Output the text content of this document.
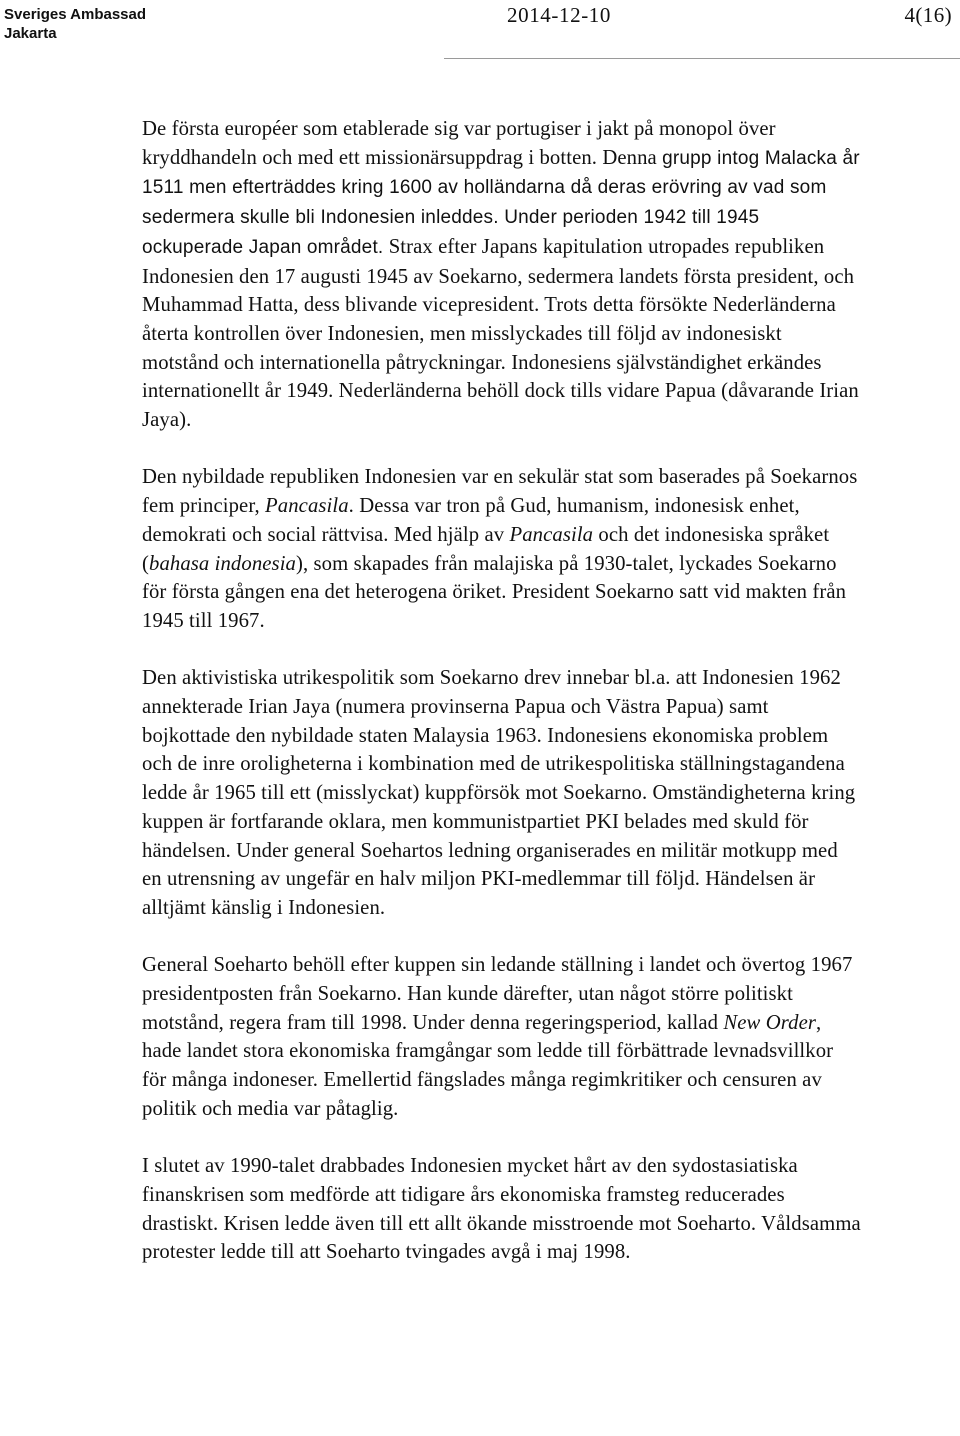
Sveriges Ambassad
Jakarta
2014-12-10	4(16)

De första européer som etablerade sig var portugiser i jakt på monopol över kryddhandeln och med ett missionärsuppdrag i botten. Denna grupp intog Malacka år 1511 men efterträddes kring 1600 av holländarna då deras erövring av vad som sedermera skulle bli Indonesien inleddes. Under perioden 1942 till 1945 ockuperade Japan området. Strax efter Japans kapitulation utropades republiken Indonesien den 17 augusti 1945 av Soekarno, sedermera landets första president, och Muhammad Hatta, dess blivande vicepresident. Trots detta försökte Nederländerna återta kontrollen över Indonesien, men misslyckades till följd av indonesiskt motstånd och internationella påtryckningar. Indonesiens självständighet erkändes internationellt år 1949. Nederländerna behöll dock tills vidare Papua (dåvarande Irian Jaya).

Den nybildade republiken Indonesien var en sekulär stat som baserades på Soekarnos fem principer, Pancasila. Dessa var tron på Gud, humanism, indonesisk enhet, demokrati och social rättvisa. Med hjälp av Pancasila och det indonesiska språket (bahasa indonesia), som skapades från malajiska på 1930-talet, lyckades Soekarno för första gången ena det heterogena öriket. President Soekarno satt vid makten från 1945 till 1967.

Den aktivistiska utrikespolitik som Soekarno drev innebar bl.a. att Indonesien 1962 annekterade Irian Jaya (numera provinserna Papua och Västra Papua) samt bojkottade den nybildade staten Malaysia 1963. Indonesiens ekonomiska problem och de inre oroligheterna i kombination med de utrikespolitiska ställningstagandena ledde år 1965 till ett (misslyckat) kuppförsök mot Soekarno. Omständigheterna kring kuppen är fortfarande oklara, men kommunistpartiet PKI belades med skuld för händelsen. Under general Soehartos ledning organiserades en militär motkupp med en utrensning av ungefär en halv miljon PKI-medlemmar till följd. Händelsen är alltjämt känslig i Indonesien.

General Soeharto behöll efter kuppen sin ledande ställning i landet och övertog 1967 presidentposten från Soekarno. Han kunde därefter, utan något större politiskt motstånd, regera fram till 1998. Under denna regeringsperiod, kallad New Order, hade landet stora ekonomiska framgångar som ledde till förbättrade levnadsvillkor för många indoneser. Emellertid fängslades många regimkritiker och censuren av politik och media var påtaglig.

I slutet av 1990-talet drabbades Indonesien mycket hårt av den sydostasiatiska finanskrisen som medförde att tidigare års ekonomiska framsteg reducerades drastiskt. Krisen ledde även till ett allt ökande misstroende mot Soeharto. Våldsamma protester ledde till att Soeharto tvingades avgå i maj 1998.
